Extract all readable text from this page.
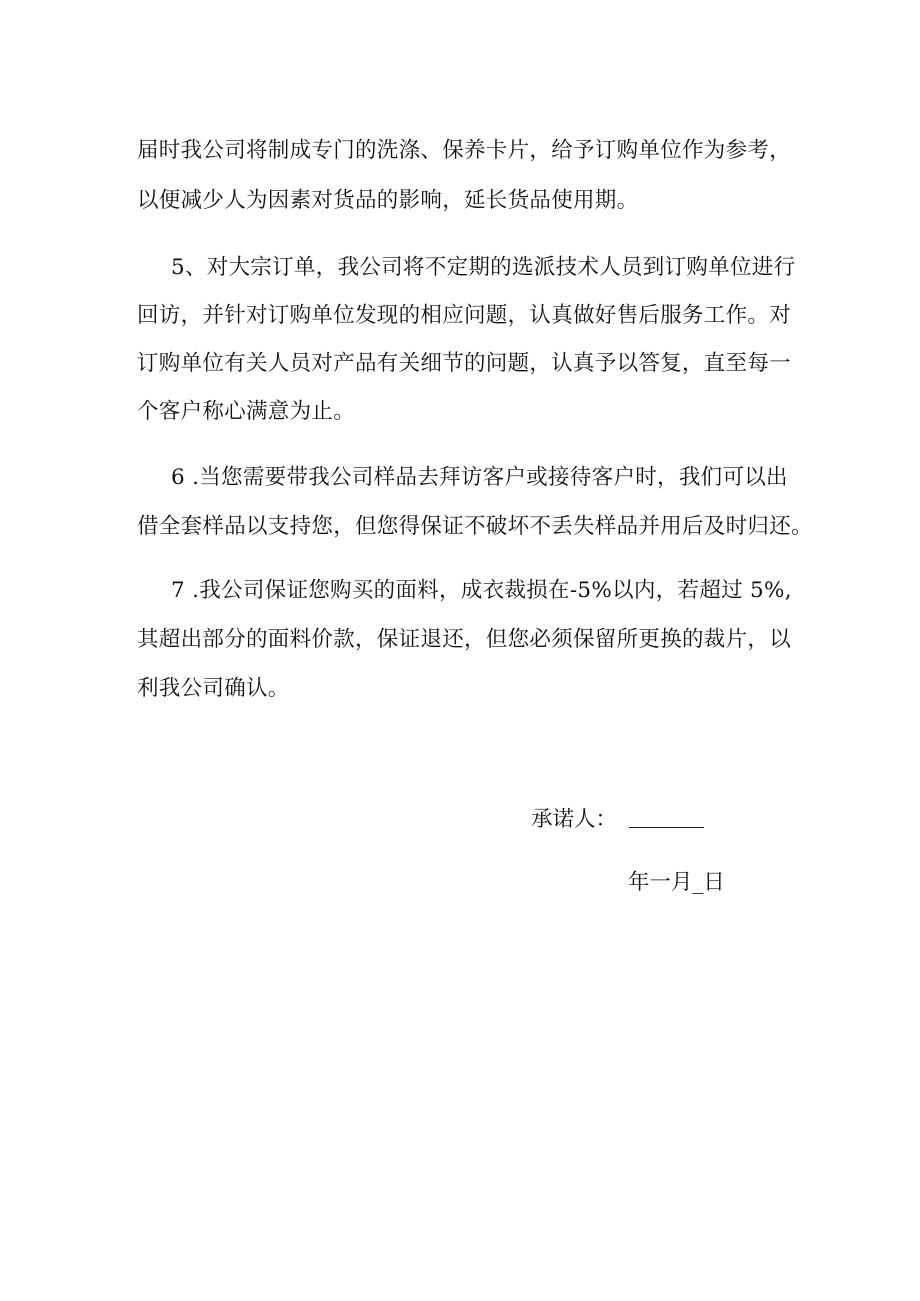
届时我公司将制成专门的洗涤、保养卡片，给予订购单位作为参考，
以便减少人为因素对货品的影响，延长货品使用期。
5、对大宗订单，我公司将不定期的选派技术人员到订购单位进行
回访，并针对订购单位发现的相应问题，认真做好售后服务工作。对
订购单位有关人员对产品有关细节的问题，认真予以答复，直至每一
个客户称心满意为止。
6 .当您需要带我公司样品去拜访客户或接待客户时，我们可以出
借全套样品以支持您，但您得保证不破坏不丢失样品并用后及时归还。
7 .我公司保证您购买的面料，成衣裁损在-5%以内，若超过 5%,
其超出部分的面料价款，保证退还，但您必须保留所更换的裁片，以
利我公司确认。
承诺人：
年一月_日
